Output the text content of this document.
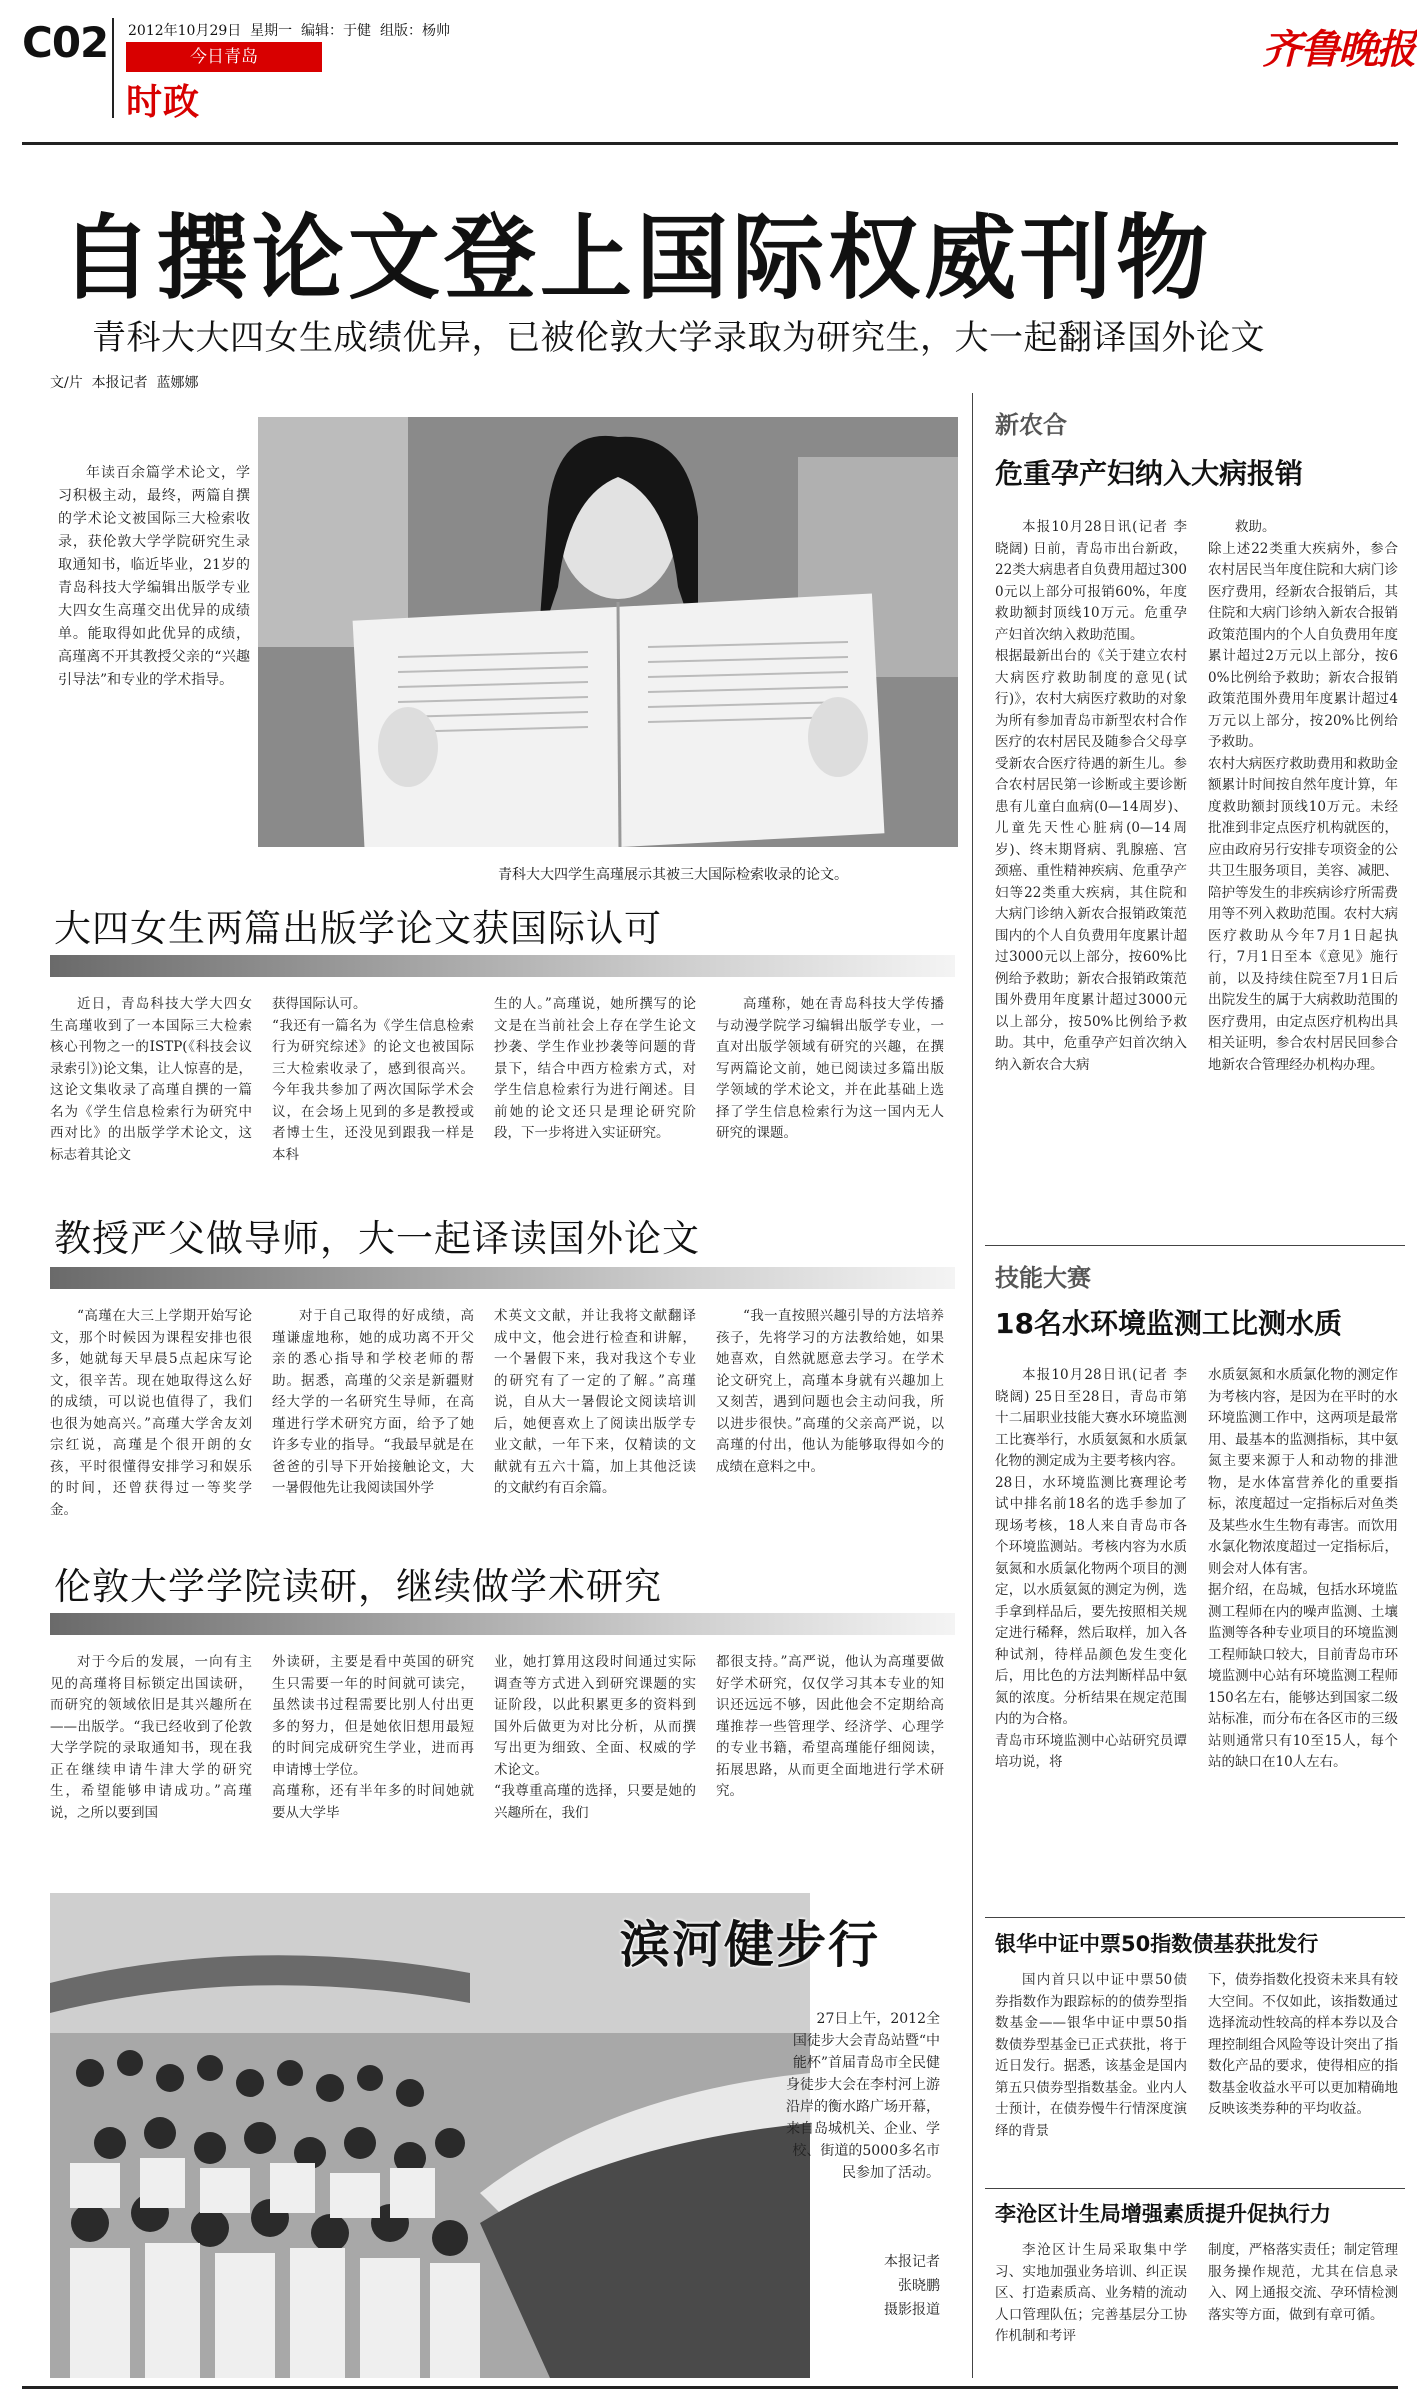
C02 2012年10月29日  星期一  编辑：于健  组版：杨帅
今日青岛
时政
齐鲁晚报
自撰论文登上国际权威刊物
青科大大四女生成绩优异，已被伦敦大学录取为研究生，大一起翻译国外论文
文/片  本报记者  蓝娜娜
年读百余篇学术论文，学习积极主动，最终，两篇自撰的学术论文被国际三大检索收录，获伦敦大学学院研究生录取通知书，临近毕业，21岁的青岛科技大学编辑出版学专业大四女生高瑾交出优异的成绩单。能取得如此优异的成绩，高瑾离不开其教授父亲的“兴趣引导法”和专业的学术指导。
青科大大四学生高瑾展示其被三大国际检索收录的论文。
大四女生两篇出版学论文获国际认可
近日，青岛科技大学大四女生高瑾收到了一本国际三大检索核心刊物之一的ISTP(《科技会议录索引》)论文集，让人惊喜的是，这论文集收录了高瑾自撰的一篇名为《学生信息检索行为研究中西对比》的出版学学术论文，这标志着其论文
获得国际认可。
“我还有一篇名为《学生信息检索行为研究综述》的论文也被国际三大检索收录了，感到很高兴。今年我共参加了两次国际学术会议，在会场上见到的多是教授或者博士生，还没见到跟我一样是本科
生的人。”高瑾说，她所撰写的论文是在当前社会上存在学生论文抄袭、学生作业抄袭等问题的背景下，结合中西方检索方式，对学生信息检索行为进行阐述。目前她的论文还只是理论研究阶段，下一步将进入实证研究。
高瑾称，她在青岛科技大学传播与动漫学院学习编辑出版学专业，一直对出版学领域有研究的兴趣，在撰写两篇论文前，她已阅读过多篇出版学领域的学术论文，并在此基础上选择了学生信息检索行为这一国内无人研究的课题。
教授严父做导师，大一起译读国外论文
“高瑾在大三上学期开始写论文，那个时候因为课程安排也很多，她就每天早晨5点起床写论文，很辛苦。现在她取得这么好的成绩，可以说也值得了，我们也很为她高兴。”高瑾大学舍友刘宗红说，高瑾是个很开朗的女孩，平时很懂得安排学习和娱乐的时间，还曾获得过一等奖学金。
对于自己取得的好成绩，高瑾谦虚地称，她的成功离不开父亲的悉心指导和学校老师的帮助。据悉，高瑾的父亲是新疆财经大学的一名研究生导师，在高瑾进行学术研究方面，给予了她许多专业的指导。“我最早就是在爸爸的引导下开始接触论文，大一暑假他先让我阅读国外学
术英文文献，并让我将文献翻译成中文，他会进行检查和讲解，一个暑假下来，我对我这个专业的研究有了一定的了解。”高瑾说，自从大一暑假论文阅读培训后，她便喜欢上了阅读出版学专业文献，一年下来，仅精读的文献就有五六十篇，加上其他泛读的文献约有百余篇。
“我一直按照兴趣引导的方法培养孩子，先将学习的方法教给她，如果她喜欢，自然就愿意去学习。在学术论文研究上，高瑾本身就有兴趣加上又刻苦，遇到问题也会主动问我，所以进步很快。”高瑾的父亲高严说，以高瑾的付出，他认为能够取得如今的成绩在意料之中。
伦敦大学学院读研，继续做学术研究
对于今后的发展，一向有主见的高瑾将目标锁定出国读研，而研究的领域依旧是其兴趣所在——出版学。“我已经收到了伦敦大学学院的录取通知书，现在我正在继续申请牛津大学的研究生，希望能够申请成功。”高瑾说，之所以要到国
外读研，主要是看中英国的研究生只需要一年的时间就可读完，虽然读书过程需要比别人付出更多的努力，但是她依旧想用最短的时间完成研究生学业，进而再申请博士学位。
高瑾称，还有半年多的时间她就要从大学毕
业，她打算用这段时间通过实际调查等方式进入到研究课题的实证阶段，以此积累更多的资料到国外后做更为对比分析，从而撰写出更为细致、全面、权威的学术论文。
“我尊重高瑾的选择，只要是她的兴趣所在，我们
都很支持。”高严说，他认为高瑾要做好学术研究，仅仅学习其本专业的知识还远远不够，因此他会不定期给高瑾推荐一些管理学、经济学、心理学的专业书籍，希望高瑾能仔细阅读，拓展思路，从而更全面地进行学术研究。
滨河健步行
27日上午，2012全国徒步大会青岛站暨“中能杯”首届青岛市全民健身徒步大会在李村河上游沿岸的衡水路广场开幕，来自岛城机关、企业、学校、街道的5000多名市民参加了活动。
本报记者
张晓鹏
摄影报道
新农合
危重孕产妇纳入大病报销
本报10月28日讯(记者 李晓阔) 日前，青岛市出台新政，22类大病患者自负费用超过3000元以上部分可报销60%，年度救助额封顶线10万元。危重孕产妇首次纳入救助范围。
根据最新出台的《关于建立农村大病医疗救助制度的意见(试行)》，农村大病医疗救助的对象为所有参加青岛市新型农村合作医疗的农村居民及随参合父母享受新农合医疗待遇的新生儿。参合农村居民第一诊断或主要诊断患有儿童白血病(0—14周岁)、儿童先天性心脏病(0—14周岁)、终末期肾病、乳腺癌、宫颈癌、重性精神疾病、危重孕产妇等22类重大疾病，其住院和大病门诊纳入新农合报销政策范围内的个人自负费用年度累计超过3000元以上部分，按60%比例给予救助；新农合报销政策范围外费用年度累计超过3000元以上部分，按50%比例给予救助。其中，危重孕产妇首次纳入纳入新农合大病
救助。
除上述22类重大疾病外，参合农村居民当年度住院和大病门诊医疗费用，经新农合报销后，其住院和大病门诊纳入新农合报销政策范围内的个人自负费用年度累计超过2万元以上部分，按60%比例给予救助；新农合报销政策范围外费用年度累计超过4万元以上部分，按20%比例给予救助。
农村大病医疗救助费用和救助金额累计时间按自然年度计算，年度救助额封顶线10万元。未经批准到非定点医疗机构就医的，应由政府另行安排专项资金的公共卫生服务项目，美容、减肥、陪护等发生的非疾病诊疗所需费用等不列入救助范围。农村大病医疗救助从今年7月1日起执行，7月1日至本《意见》施行前，以及持续住院至7月1日后出院发生的属于大病救助范围的医疗费用，由定点医疗机构出具相关证明，参合农村居民回参合地新农合管理经办机构办理。
技能大赛
18名水环境监测工比测水质
本报10月28日讯(记者 李晓阔) 25日至28日，青岛市第十二届职业技能大赛水环境监测工比赛举行，水质氨氮和水质氯化物的测定成为主要考核内容。
28日，水环境监测比赛理论考试中排名前18名的选手参加了现场考核，18人来自青岛市各个环境监测站。考核内容为水质氨氮和水质氯化物两个项目的测定，以水质氨氮的测定为例，选手拿到样品后，要先按照相关规定进行稀释，然后取样，加入各种试剂，待样品颜色发生变化后，用比色的方法判断样品中氨氮的浓度。分析结果在规定范围内的为合格。
青岛市环境监测中心站研究员谭培功说，将
水质氨氮和水质氯化物的测定作为考核内容，是因为在平时的水环境监测工作中，这两项是最常用、最基本的监测指标，其中氨氮主要来源于人和动物的排泄物，是水体富营养化的重要指标，浓度超过一定指标后对鱼类及某些水生生物有毒害。而饮用水氯化物浓度超过一定指标后，则会对人体有害。
据介绍，在岛城，包括水环境监测工程师在内的噪声监测、土壤监测等各种专业项目的环境监测工程师缺口较大，目前青岛市环境监测中心站有环境监测工程师150名左右，能够达到国家二级站标准，而分布在各区市的三级站则通常只有10至15人，每个站的缺口在10人左右。
银华中证中票50指数债基获批发行
国内首只以中证中票50债券指数作为跟踪标的的债券型指数基金——银华中证中票50指数债券型基金已正式获批，将于近日发行。据悉，该基金是国内第五只债券型指数基金。业内人士预计，在债券慢牛行情深度演绎的背景
下，债券指数化投资未来具有较大空间。不仅如此，该指数通过选择流动性较高的样本券以及合理控制组合风险等设计突出了指数化产品的要求，使得相应的指数基金收益水平可以更加精确地反映该类券种的平均收益。
李沧区计生局增强素质提升促执行力
李沧区计生局采取集中学习、实地加强业务培训、纠正误区、打造素质高、业务精的流动人口管理队伍；完善基层分工协作机制和考评
制度，严格落实责任；制定管理服务操作规范，尤其在信息录入、网上通报交流、孕环情检测落实等方面，做到有章可循。
